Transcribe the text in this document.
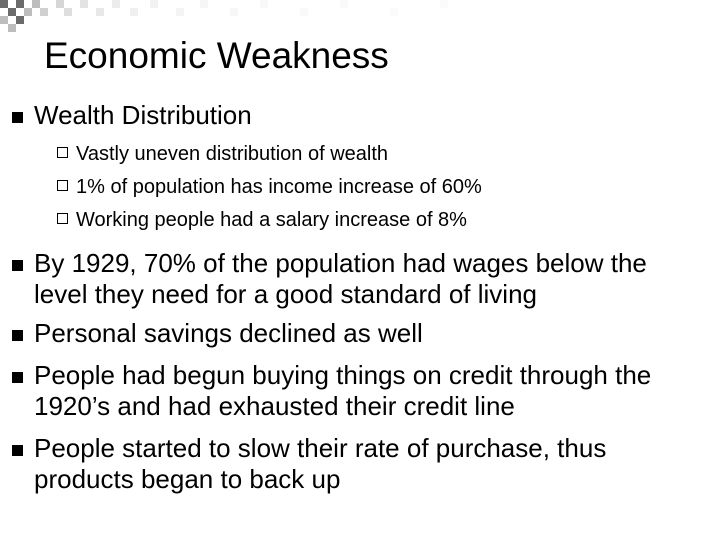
Economic Weakness
Wealth Distribution
Vastly uneven distribution of wealth
1% of population has income increase of 60%
Working people had a salary increase of 8%
By 1929, 70% of the population had wages below the level they need for a good standard of living
Personal savings declined as well
People had begun buying things on credit through the 1920’s and had exhausted their credit line
People started to slow their rate of purchase, thus products began to back up
